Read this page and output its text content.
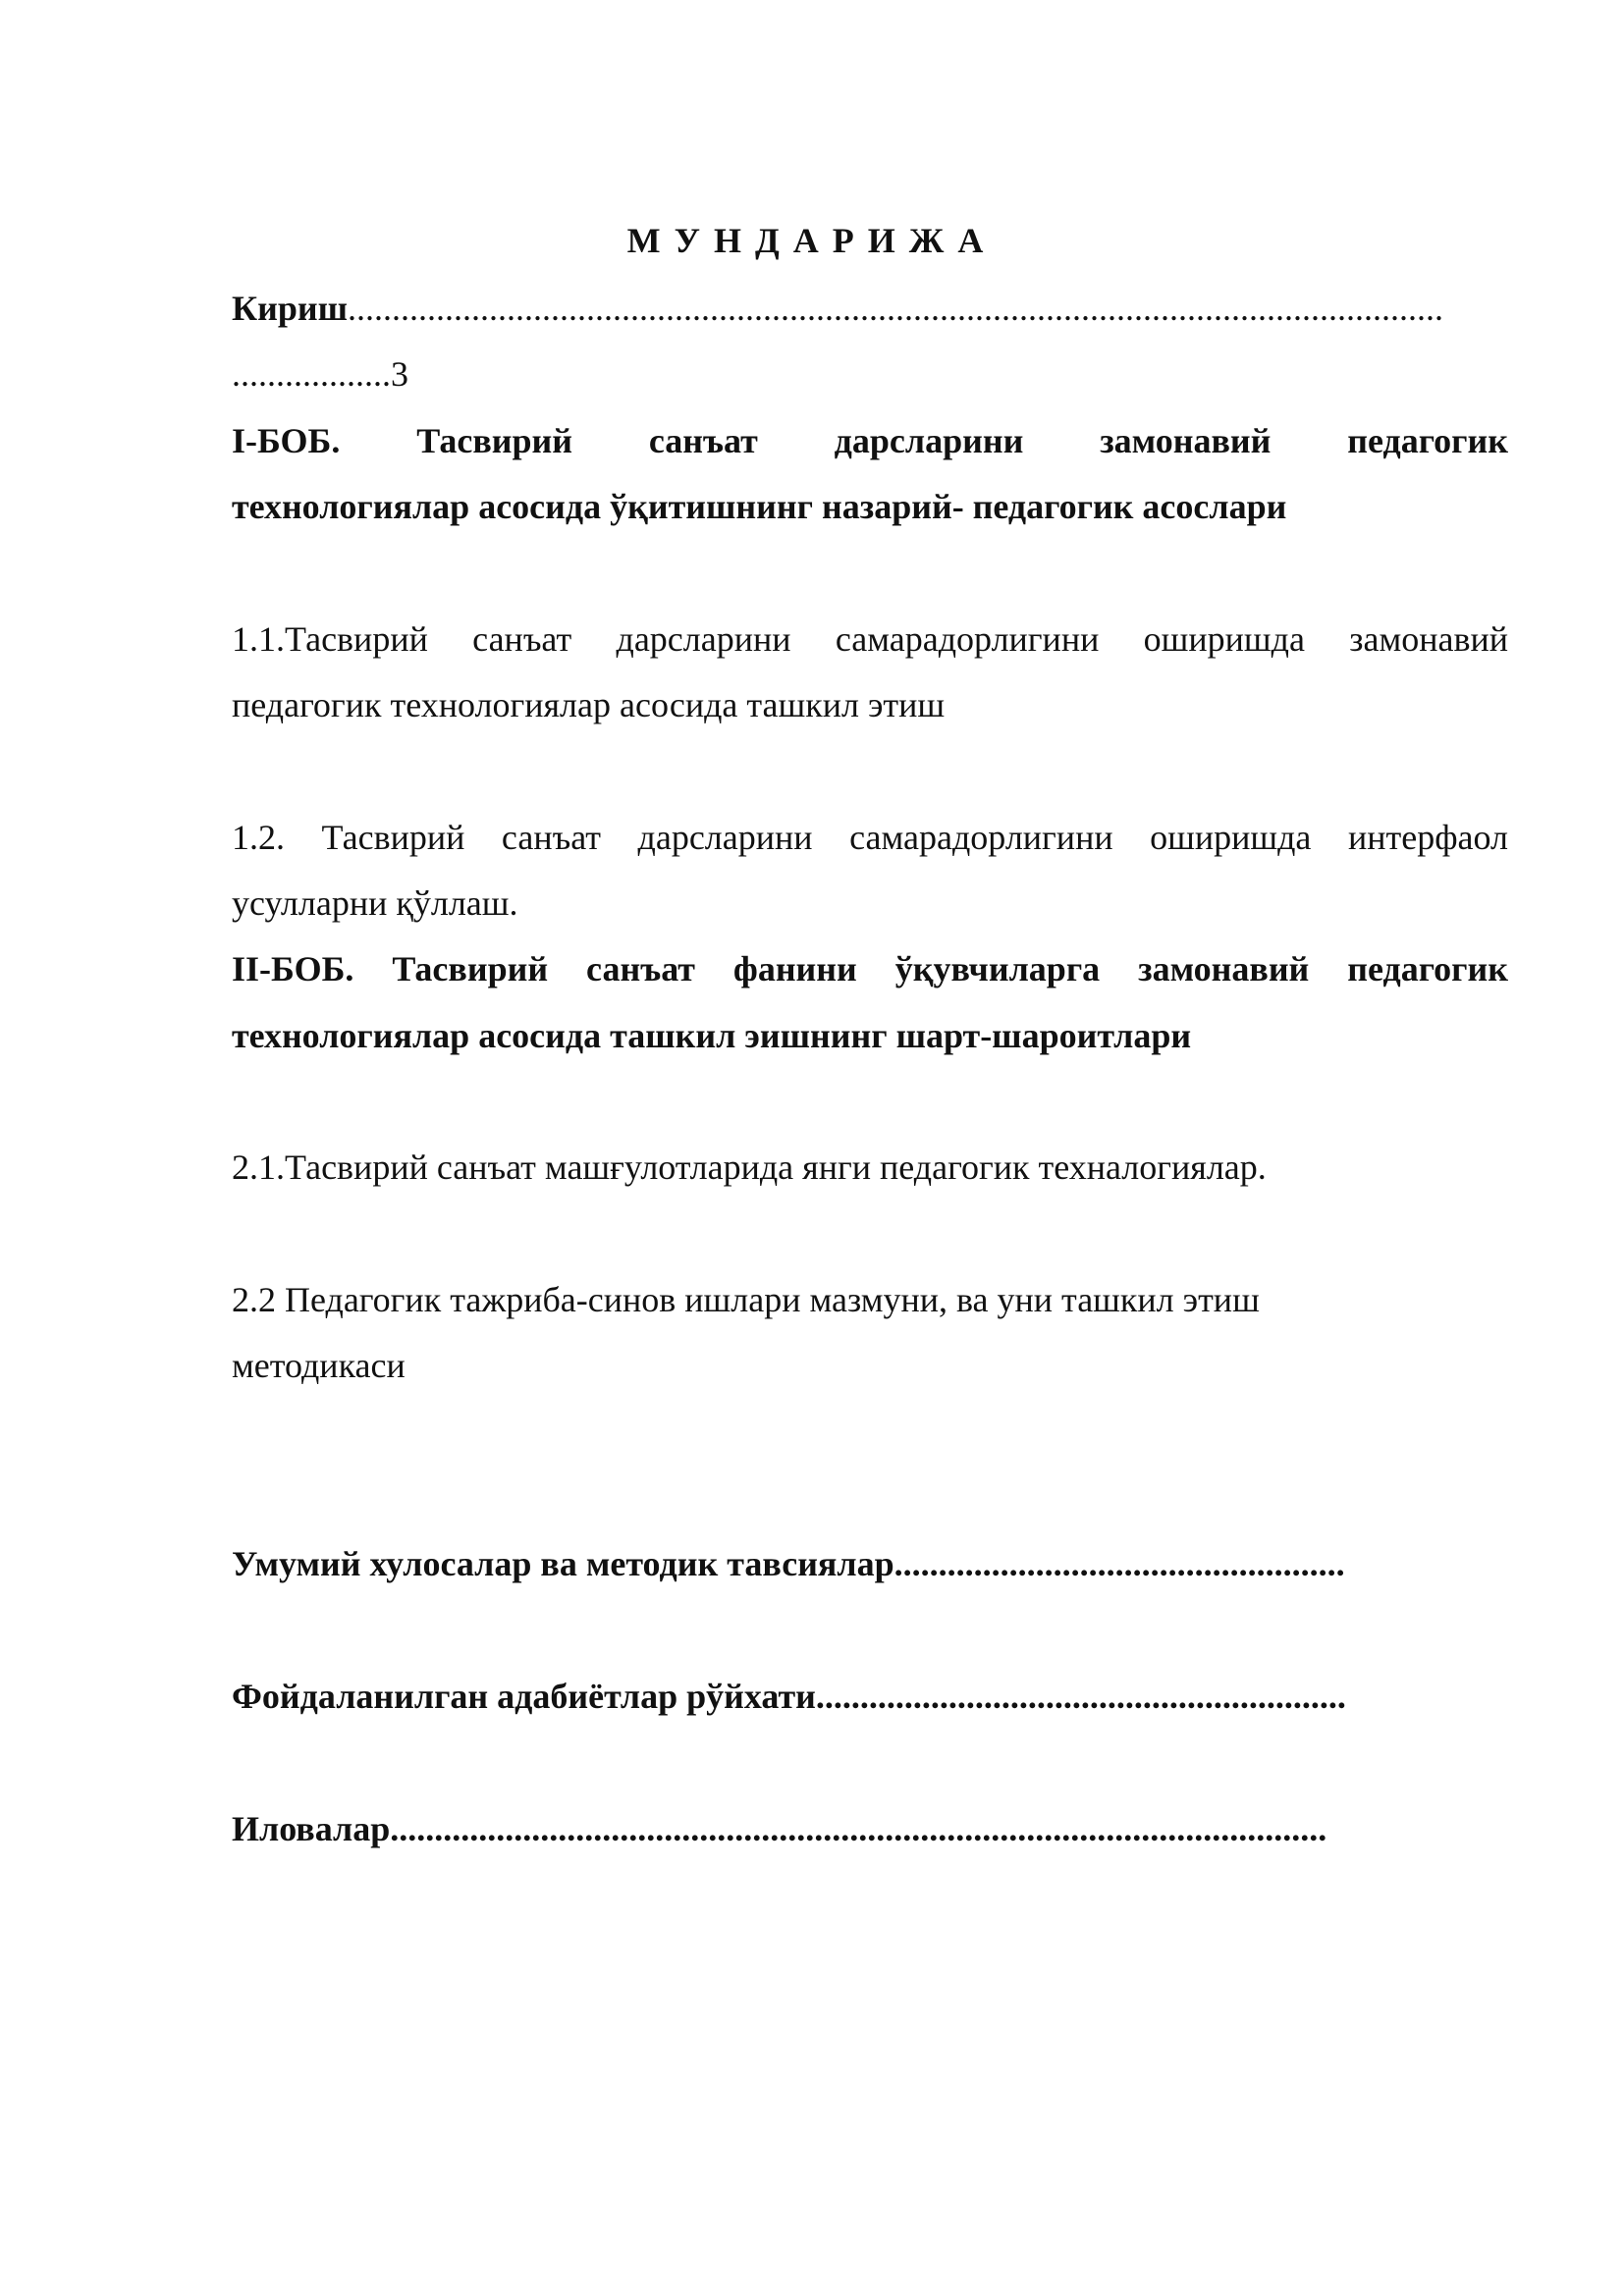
МУНДАРИЖА
Кириш............................................................................................................................
..................3
I-БОБ. Тасвирий санъат дарсларини замонавий педагогик
технологиялар асосида ўқитишнинг назарий- педагогик асослари
1.1.Тасвирий санъат дарсларини самарадорлигини оширишда замонавий
педагогик технологиялар асосида ташкил этиш
1.2. Тасвирий санъат дарсларини самарадорлигини оширишда интерфаол
усулларни қўллаш.
II-БОБ. Тасвирий санъат фанини ўқувчиларга замонавий педагогик
технологиялар асосида ташкил эишнинг шарт-шароитлари
2.1.Тасвирий санъат машғулотларида янги педагогик техналогиялар.
2.2 Педагогик тажриба-синов ишлари мазмуни, ва уни ташкил этиш
методикаси
Умумий хулосалар ва методик тавсиялар...................................................
Фойдаланилган адабиётлар рўйхати............................................................
Иловалар..........................................................................................................
